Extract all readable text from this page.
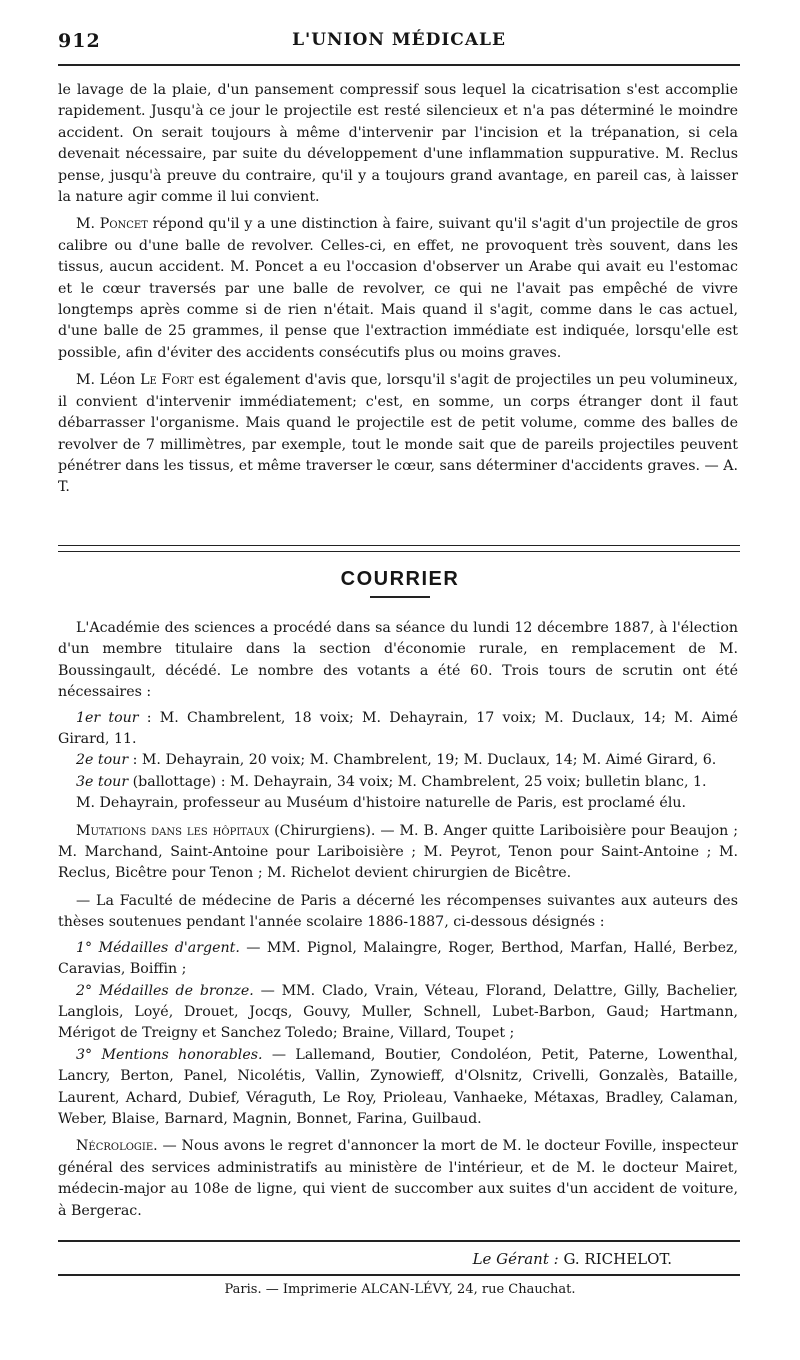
912	L'UNION MÉDICALE

le lavage de la plaie, d'un pansement compressif sous lequel la cicatrisation s'est accomplie rapidement. Jusqu'à ce jour le projectile est resté silencieux et n'a pas déterminé le moindre accident. On serait toujours à même d'intervenir par l'incision et la trépanation, si cela devenait nécessaire, par suite du développement d'une inflammation suppurative. M. Reclus pense, jusqu'à preuve du contraire, qu'il y a toujours grand avantage, en pareil cas, à laisser la nature agir comme il lui convient.

M. Poncet répond qu'il y a une distinction à faire, suivant qu'il s'agit d'un projectile de gros calibre ou d'une balle de revolver. Celles-ci, en effet, ne provoquent très souvent, dans les tissus, aucun accident. M. Poncet a eu l'occasion d'observer un Arabe qui avait eu l'estomac et le cœur traversés par une balle de revolver, ce qui ne l'avait pas empêché de vivre longtemps après comme si de rien n'était. Mais quand il s'agit, comme dans le cas actuel, d'une balle de 25 grammes, il pense que l'extraction immédiate est indiquée, lorsqu'elle est possible, afin d'éviter des accidents consécutifs plus ou moins graves.

M. Léon Le Fort est également d'avis que, lorsqu'il s'agit de projectiles un peu volumineux, il convient d'intervenir immédiatement; c'est, en somme, un corps étranger dont il faut débarrasser l'organisme. Mais quand le projectile est de petit volume, comme des balles de revolver de 7 millimètres, par exemple, tout le monde sait que de pareils projectiles peuvent pénétrer dans les tissus, et même traverser le cœur, sans déterminer d'accidents graves. — A. T.

COURRIER

L'Académie des sciences a procédé dans sa séance du lundi 12 décembre 1887, à l'élection d'un membre titulaire dans la section d'économie rurale, en remplacement de M. Boussingault, décédé. Le nombre des votants a été 60. Trois tours de scrutin ont été nécessaires :

1er tour : M. Chambrelent, 18 voix; M. Dehayrain, 17 voix; M. Duclaux, 14; M. Aimé Girard, 11.

2e tour : M. Dehayrain, 20 voix; M. Chambrelent, 19; M. Duclaux, 14; M. Aimé Girard, 6.

3e tour (ballottage) : M. Dehayrain, 34 voix; M. Chambrelent, 25 voix; bulletin blanc, 1.

M. Dehayrain, professeur au Muséum d'histoire naturelle de Paris, est proclamé élu.

Mutations dans les hôpitaux (Chirurgiens). — M. B. Anger quitte Lariboisière pour Beaujon ; M. Marchand, Saint-Antoine pour Lariboisière ; M. Peyrot, Tenon pour Saint-Antoine ; M. Reclus, Bicêtre pour Tenon ; M. Richelot devient chirurgien de Bicêtre.

— La Faculté de médecine de Paris a décerné les récompenses suivantes aux auteurs des thèses soutenues pendant l'année scolaire 1886-1887, ci-dessous désignés :

1° Médailles d'argent. — MM. Pignol, Malaingre, Roger, Berthod, Marfan, Hallé, Berbez, Caravias, Boiffin ;

2° Médailles de bronze. — MM. Clado, Vrain, Véteau, Florand, Delattre, Gilly, Bachelier, Langlois, Loyé, Drouet, Jocqs, Gouvy, Muller, Schnell, Lubet-Barbon, Gaud; Hartmann, Mérigot de Treigny et Sanchez Toledo; Braine, Villard, Toupet ;

3° Mentions honorables. — Lallemand, Boutier, Condoléon, Petit, Paterne, Lowenthal, Lancry, Berton, Panel, Nicolétis, Vallin, Zynowieff, d'Olsnitz, Crivelli, Gonzalès, Bataille, Laurent, Achard, Dubief, Véraguth, Le Roy, Prioleau, Vanhaeke, Métaxas, Bradley, Calaman, Weber, Blaise, Barnard, Magnin, Bonnet, Farina, Guilbaud.

Nécrologie. — Nous avons le regret d'annoncer la mort de M. le docteur Foville, inspecteur général des services administratifs au ministère de l'intérieur, et de M. le docteur Mairet, médecin-major au 108e de ligne, qui vient de succomber aux suites d'un accident de voiture, à Bergerac.

Le Gérant : G. RICHELOT.
Paris. — Imprimerie ALCAN-LÉVY, 24, rue Chauchat.
